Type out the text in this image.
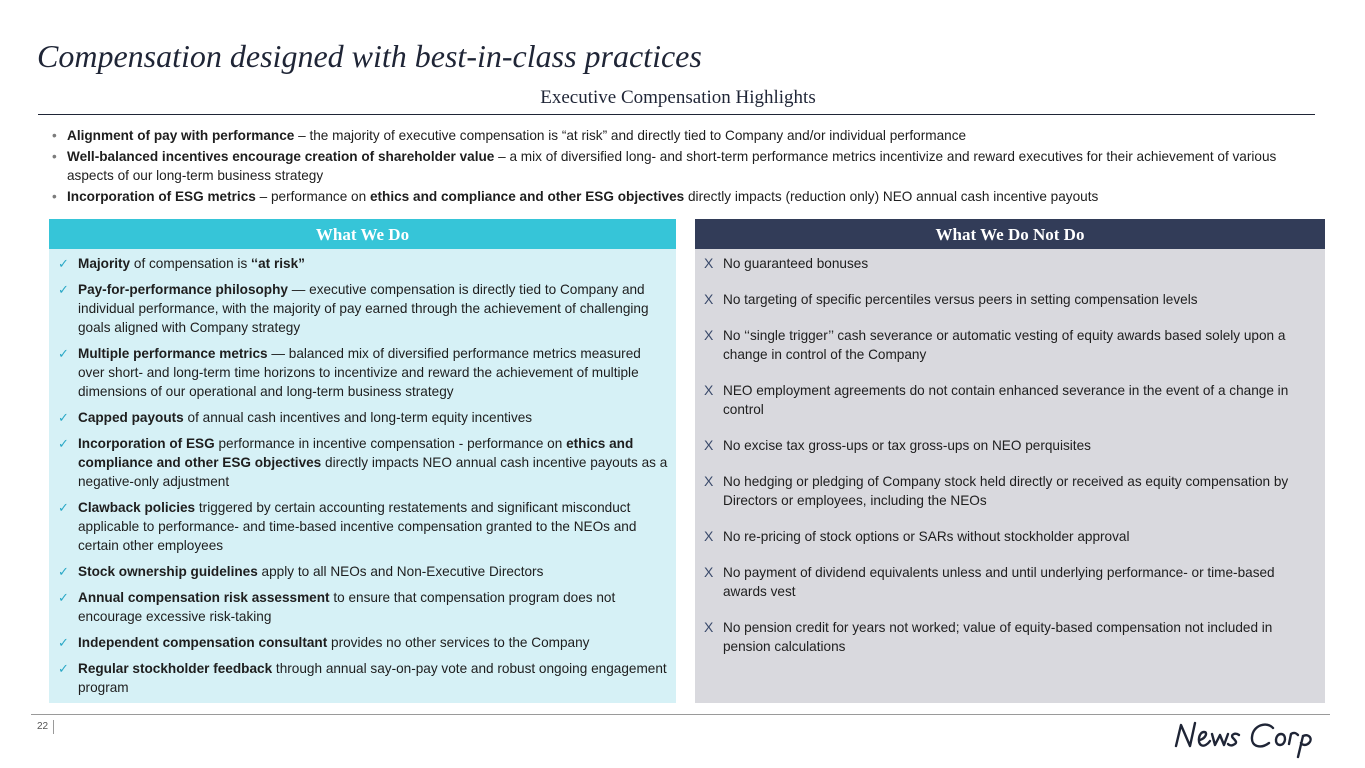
Compensation designed with best-in-class practices
Executive Compensation Highlights
• Alignment of pay with performance – the majority of executive compensation is “at risk” and directly tied to Company and/or individual performance
• Well-balanced incentives encourage creation of shareholder value – a mix of diversified long- and short-term performance metrics incentivize and reward executives for their achievement of various aspects of our long-term business strategy
• Incorporation of ESG metrics – performance on ethics and compliance and other ESG objectives directly impacts (reduction only) NEO annual cash incentive payouts
What We Do
✓ Majority of compensation is ‘‘at risk”
✓ Pay-for-performance philosophy — executive compensation is directly tied to Company and individual performance, with the majority of pay earned through the achievement of challenging goals aligned with Company strategy
✓ Multiple performance metrics — balanced mix of diversified performance metrics measured over short- and long-term time horizons to incentivize and reward the achievement of multiple dimensions of our operational and long-term business strategy
✓ Capped payouts of annual cash incentives and long-term equity incentives
✓ Incorporation of ESG performance in incentive compensation - performance on ethics and compliance and other ESG objectives directly impacts NEO annual cash incentive payouts as a negative-only adjustment
✓ Clawback policies triggered by certain accounting restatements and significant misconduct applicable to performance- and time-based incentive compensation granted to the NEOs and certain other employees
✓ Stock ownership guidelines apply to all NEOs and Non-Executive Directors
✓ Annual compensation risk assessment to ensure that compensation program does not encourage excessive risk-taking
✓ Independent compensation consultant provides no other services to the Company
✓ Regular stockholder feedback through annual say-on-pay vote and robust ongoing engagement program
What We Do Not Do
X No guaranteed bonuses
X No targeting of specific percentiles versus peers in setting compensation levels
X No ‘‘single trigger’’ cash severance or automatic vesting of equity awards based solely upon a change in control of the Company
X NEO employment agreements do not contain enhanced severance in the event of a change in control
X No excise tax gross-ups or tax gross-ups on NEO perquisites
X No hedging or pledging of Company stock held directly or received as equity compensation by Directors or employees, including the NEOs
X No re-pricing of stock options or SARs without stockholder approval
X No payment of dividend equivalents unless and until underlying performance- or time-based awards vest
X No pension credit for years not worked; value of equity-based compensation not included in pension calculations
22
